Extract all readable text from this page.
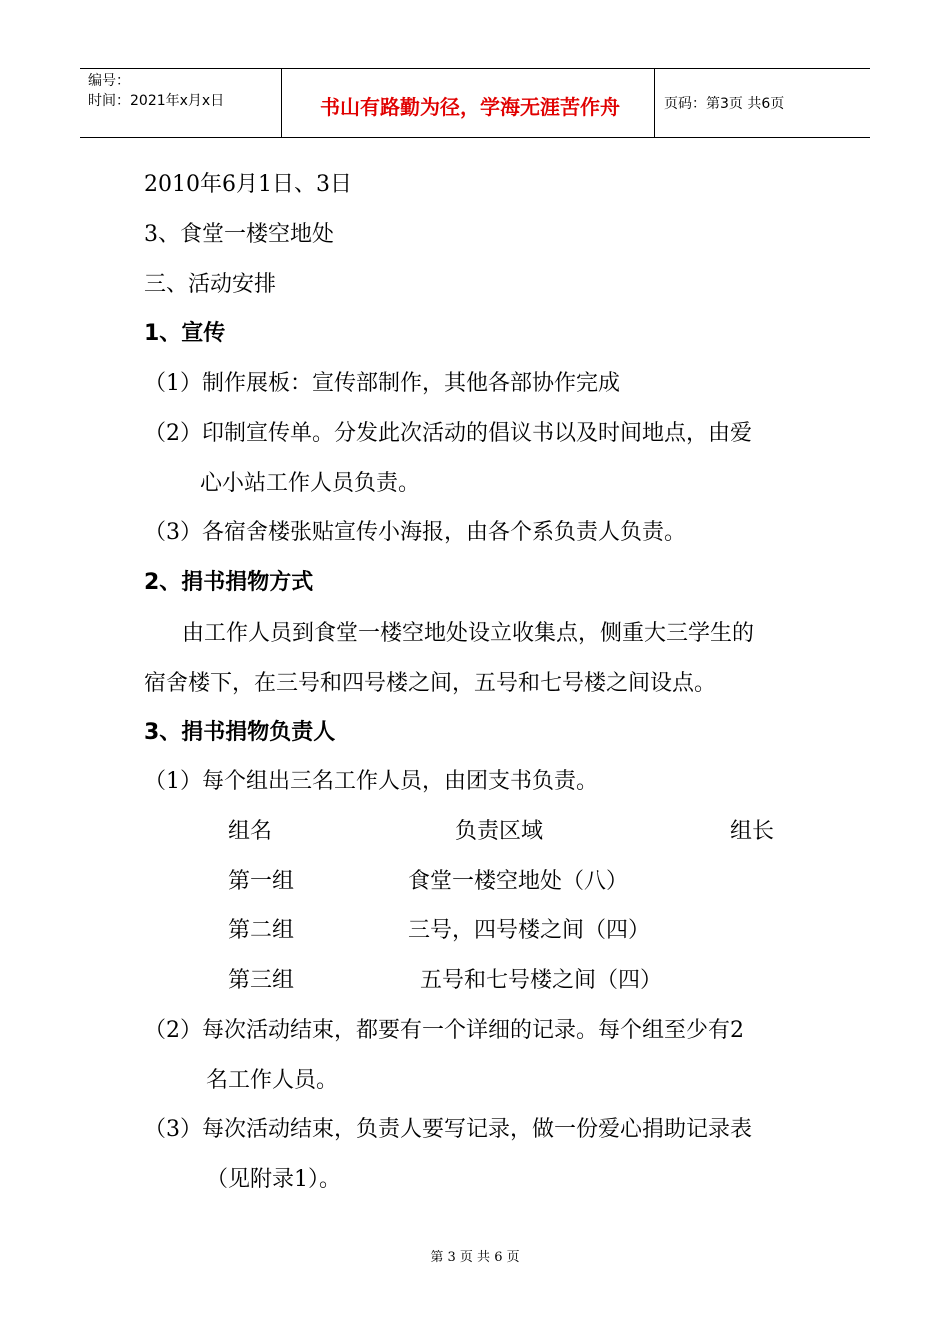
编号：
时间：2021年x月x日	书山有路勤为径，学海无涯苦作舟	页码：第3页 共6页
2010年6月1日、3日
3、食堂一楼空地处
三、活动安排
1、宣传
（1）制作展板：宣传部制作，其他各部协作完成
（2）印制宣传单。分发此次活动的倡议书以及时间地点，由爱
心小站工作人员负责。
（3）各宿舍楼张贴宣传小海报，由各个系负责人负责。
2、捐书捐物方式
由工作人员到食堂一楼空地处设立收集点，侧重大三学生的
宿舍楼下，在三号和四号楼之间，五号和七号楼之间设点。
3、捐书捐物负责人
（1）每个组出三名工作人员，由团支书负责。
组名	负责区域	组长
第一组	食堂一楼空地处（八）
第二组	三号，四号楼之间（四）
第三组	五号和七号楼之间（四）
（2）每次活动结束，都要有一个详细的记录。每个组至少有2
名工作人员。
（3）每次活动结束，负责人要写记录，做一份爱心捐助记录表
（见附录1）。
第 3 页 共 6 页
